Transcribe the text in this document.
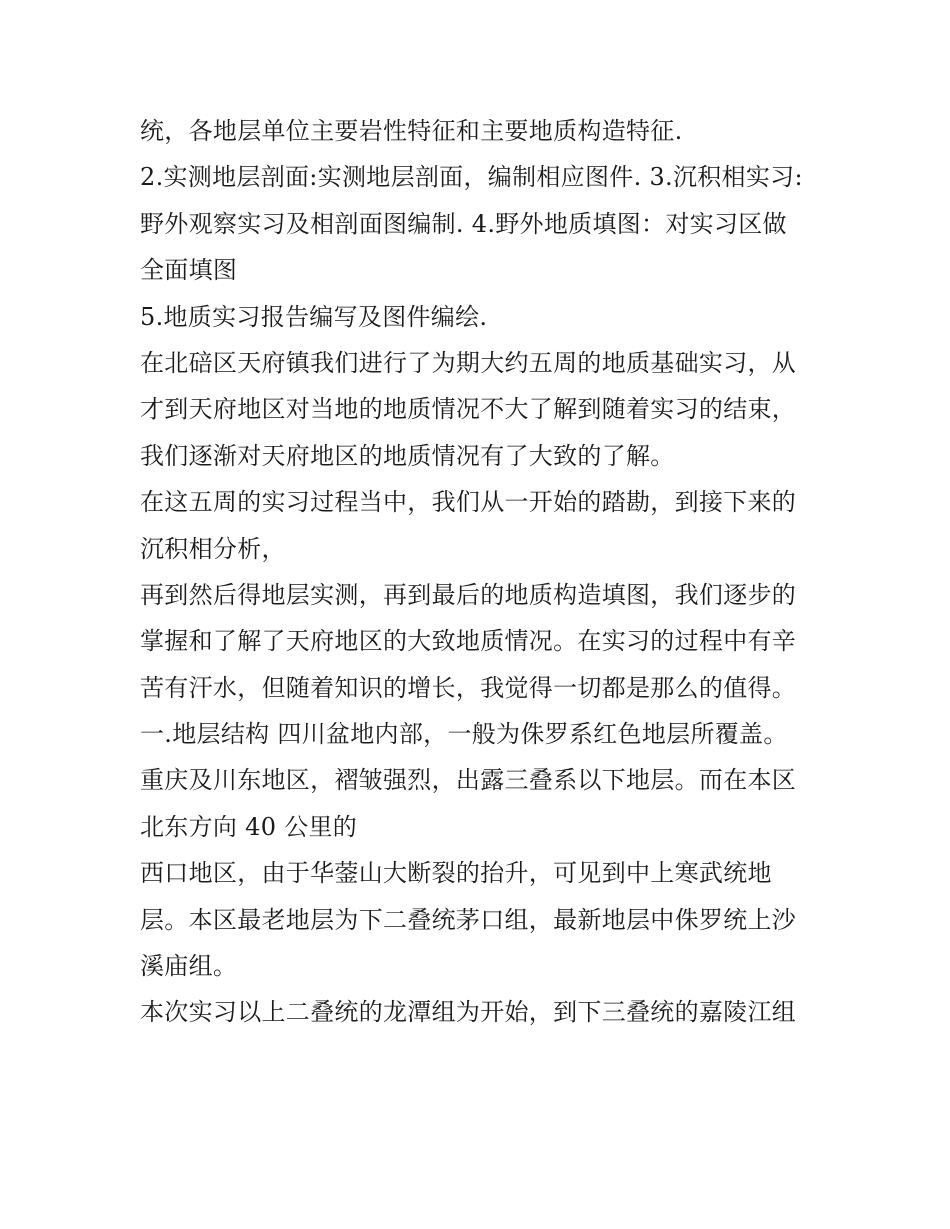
统，各地层单位主要岩性特征和主要地质构造特征.
2.实测地层剖面:实测地层剖面，编制相应图件. 3.沉积相实习:
野外观察实习及相剖面图编制. 4.野外地质填图：对实习区做
全面填图
5.地质实习报告编写及图件编绘.
在北碚区天府镇我们进行了为期大约五周的地质基础实习，从
才到天府地区对当地的地质情况不大了解到随着实习的结束，
我们逐渐对天府地区的地质情况有了大致的了解。
在这五周的实习过程当中，我们从一开始的踏勘，到接下来的
沉积相分析，
再到然后得地层实测，再到最后的地质构造填图，我们逐步的
掌握和了解了天府地区的大致地质情况。在实习的过程中有辛
苦有汗水，但随着知识的增长，我觉得一切都是那么的值得。
一.地层结构 四川盆地内部，一般为侏罗系红色地层所覆盖。
重庆及川东地区，褶皱强烈，出露三叠系以下地层。而在本区
北东方向 40 公里的
西口地区，由于华蓥山大断裂的抬升，可见到中上寒武统地
层。本区最老地层为下二叠统茅口组，最新地层中侏罗统上沙
溪庙组。
本次实习以上二叠统的龙潭组为开始，到下三叠统的嘉陵江组
